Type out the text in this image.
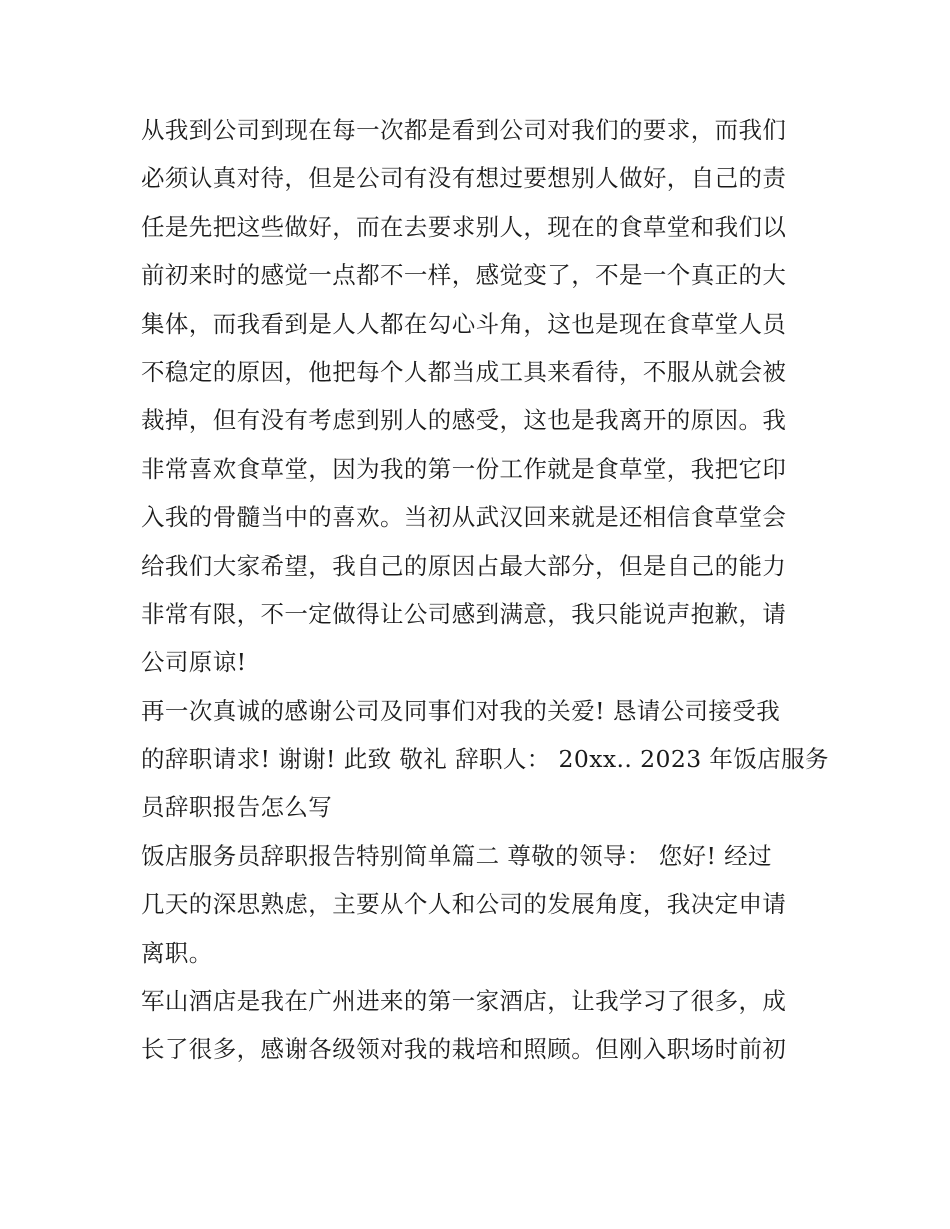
从我到公司到现在每一次都是看到公司对我们的要求，而我们
必须认真对待，但是公司有没有想过要想别人做好，自己的责
任是先把这些做好，而在去要求别人，现在的食草堂和我们以
前初来时的感觉一点都不一样，感觉变了，不是一个真正的大
集体，而我看到是人人都在勾心斗角，这也是现在食草堂人员
不稳定的原因，他把每个人都当成工具来看待，不服从就会被
裁掉，但有没有考虑到别人的感受，这也是我离开的原因。我
非常喜欢食草堂，因为我的第一份工作就是食草堂，我把它印
入我的骨髓当中的喜欢。当初从武汉回来就是还相信食草堂会
给我们大家希望，我自己的原因占最大部分，但是自己的能力
非常有限，不一定做得让公司感到满意，我只能说声抱歉，请
公司原谅!
再一次真诚的感谢公司及同事们对我的关爱! 恳请公司接受我
的辞职请求! 谢谢! 此致 敬礼 辞职人： 20xx.. 2023 年饭店服务
员辞职报告怎么写
饭店服务员辞职报告特别简单篇二 尊敬的领导： 您好! 经过
几天的深思熟虑，主要从个人和公司的发展角度，我决定申请
离职。
军山酒店是我在广州进来的第一家酒店，让我学习了很多，成
长了很多，感谢各级领对我的栽培和照顾。但刚入职场时前初
